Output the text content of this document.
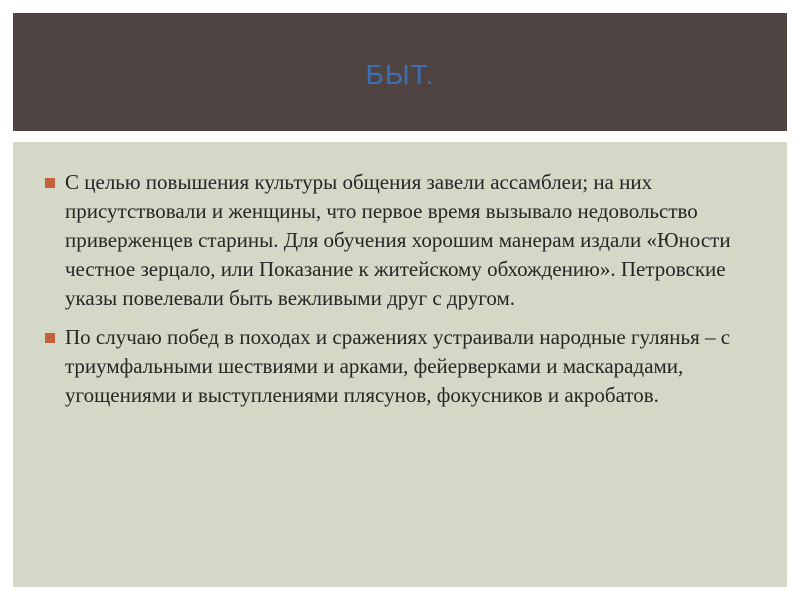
БЫТ.
С целью повышения культуры общения завели ассамблеи; на них присутствовали и женщины, что первое время вызывало недовольство приверженцев старины. Для обучения хорошим манерам издали «Юности честное зерцало, или Показание к житейскому обхождению». Петровские указы повелевали быть вежливыми друг с другом.
По случаю побед в походах и сражениях устраивали народные гулянья – с триумфальными шествиями и арками, фейерверками и маскарадами, угощениями и выступлениями плясунов, фокусников и акробатов.
